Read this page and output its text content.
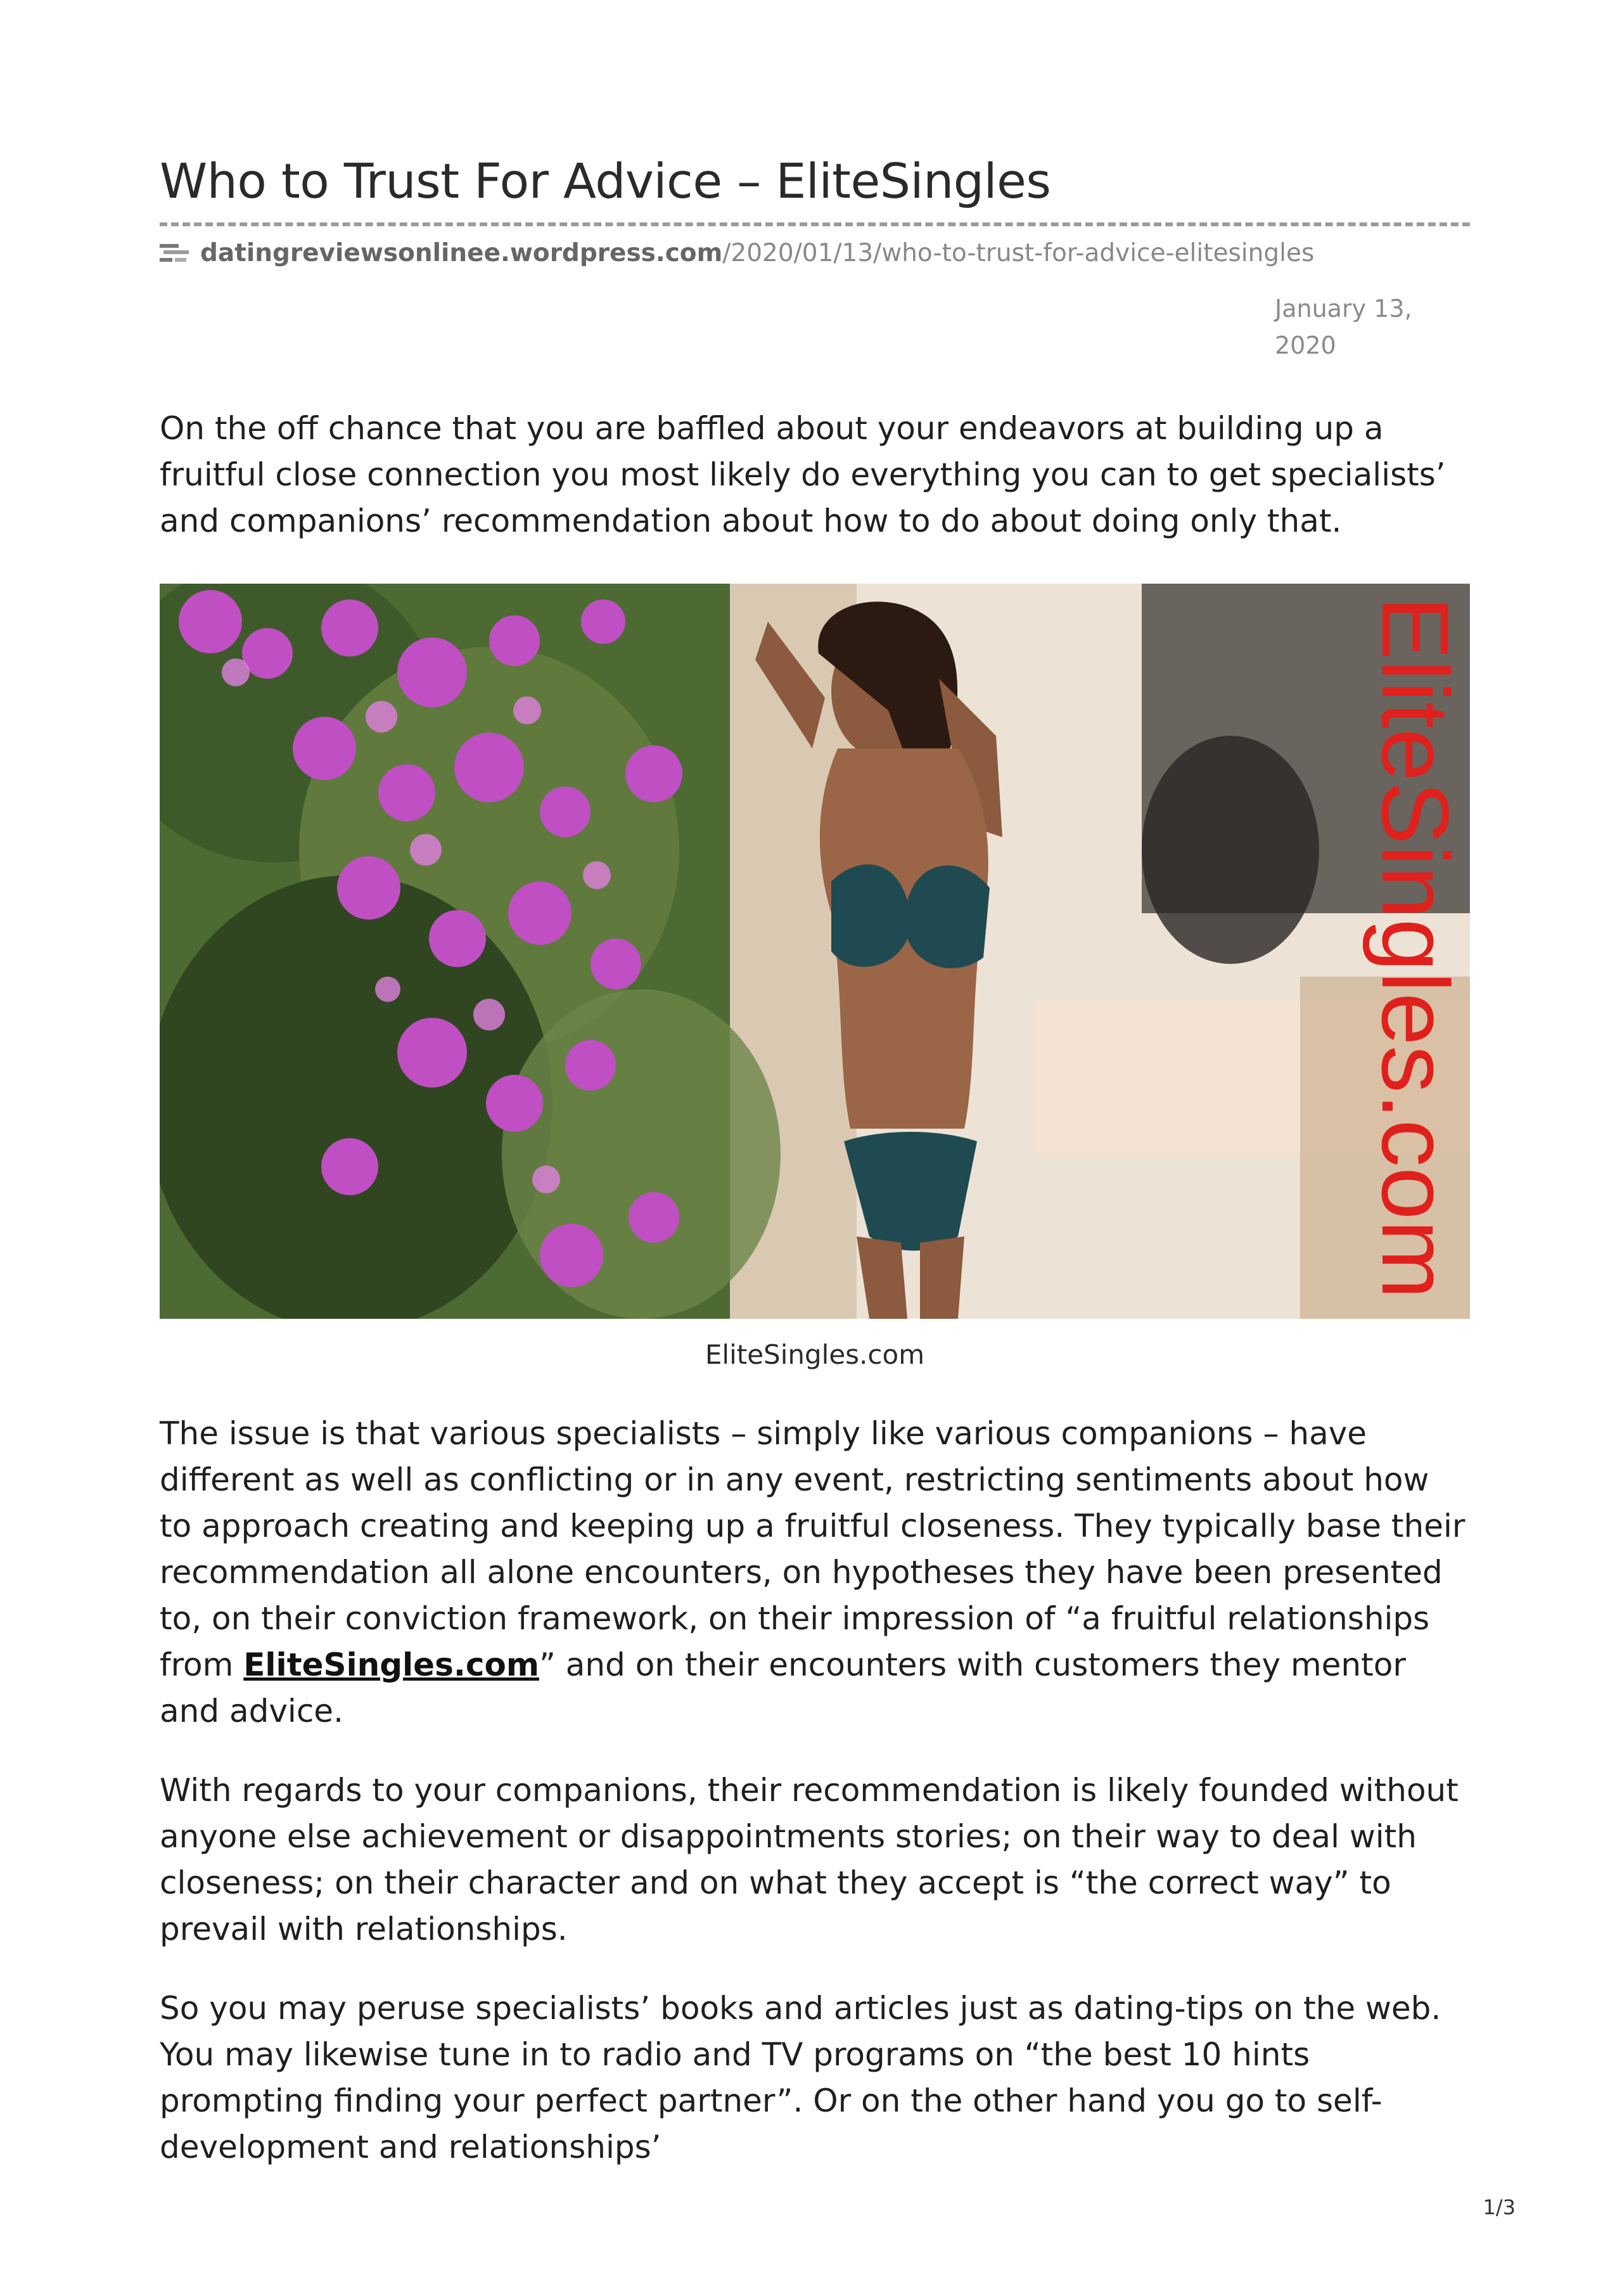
Who to Trust For Advice – EliteSingles
datingreviewsonlinee.wordpress.com /2020/01/13/who-to-trust-for-advice-elitesingles
January 13,
2020

On the off chance that you are baffled about your endeavors at building up a fruitful close connection you most likely do everything you can to get specialists’ and companions’ recommendation about how to do about doing only that.

EliteSingles.com
EliteSingles.com

The issue is that various specialists – simply like various companions – have different as well as conflicting or in any event, restricting sentiments about how to approach creating and keeping up a fruitful closeness. They typically base their recommendation all alone encounters, on hypotheses they have been presented to, on their conviction framework, on their impression of “a fruitful relationships from EliteSingles.com” and on their encounters with customers they mentor and advice.

With regards to your companions, their recommendation is likely founded without anyone else achievement or disappointments stories; on their way to deal with closeness; on their character and on what they accept is “the correct way” to prevail with relationships.

So you may peruse specialists’ books and articles just as dating-tips on the web. You may likewise tune in to radio and TV programs on “the best 10 hints prompting finding your perfect partner”. Or on the other hand you go to self-development and relationships’

1/3
